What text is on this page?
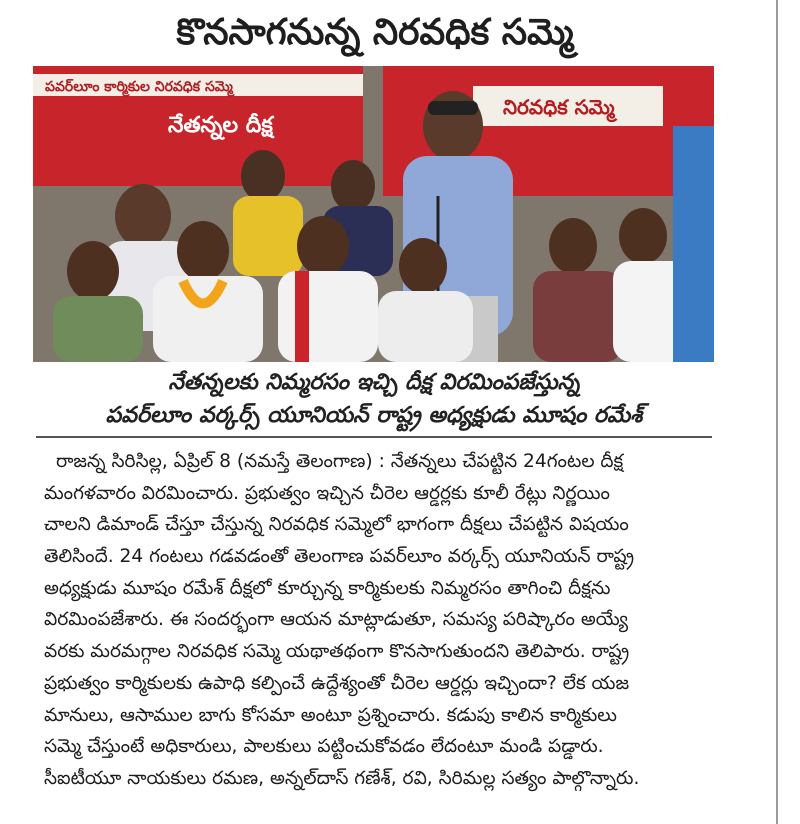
కొనసాగనున్న నిరవధిక సమ్మె
పవర్‌లూం కార్మికుల నిరవధిక సమ్మె
నేతన్నల దీక్ష
నిరవధిక సమ్మె
నేతన్నలకు నిమ్మరసం ఇచ్చి దీక్ష విరమింపజేస్తున్న
పవర్‌లూం వర్కర్స్ యూనియన్ రాష్ట్ర అధ్యక్షుడు మూషం రమేశ్
రాజన్న సిరిసిల్ల, ఏప్రిల్ 8 (నమస్తే తెలంగాణ) : నేతన్నలు చేపట్టిన 24గంటల దీక్ష
మంగళవారం విరమించారు. ప్రభుత్వం ఇచ్చిన చీరెల ఆర్డర్లకు కూలీ రేట్లు నిర్ణయిం
చాలని డిమాండ్ చేస్తూ చేస్తున్న నిరవధిక సమ్మెలో భాగంగా దీక్షలు చేపట్టిన విషయం
తెలిసిందే. 24 గంటలు గడవడంతో తెలంగాణ పవర్‌లూం వర్కర్స్ యూనియన్ రాష్ట్ర
అధ్యక్షుడు మూషం రమేశ్ దీక్షలో కూర్చున్న కార్మికులకు నిమ్మరసం తాగించి దీక్షను
విరమింపజేశారు. ఈ సందర్భంగా ఆయన మాట్లాడుతూ, సమస్య పరిష్కారం అయ్యే
వరకు మరమగ్గాల నిరవధిక సమ్మె యథాతథంగా కొనసాగుతుందని తెలిపారు. రాష్ట్ర
ప్రభుత్వం కార్మికులకు ఉపాధి కల్పించే ఉద్దేశ్యంతో చీరెల ఆర్డర్లు ఇచ్చిందా? లేక యజ
మానులు, ఆసాముల బాగు కోసమా అంటూ ప్రశ్నించారు. కడుపు కాలిన కార్మికులు
సమ్మె చేస్తుంటే అధికారులు, పాలకులు పట్టించుకోవడం లేదంటూ మండి పడ్డారు.
సీఐటీయూ నాయకులు రమణ, అన్నల్‌దాస్ గణేశ్, రవి, సిరిమల్ల సత్యం పాల్గొన్నారు.
